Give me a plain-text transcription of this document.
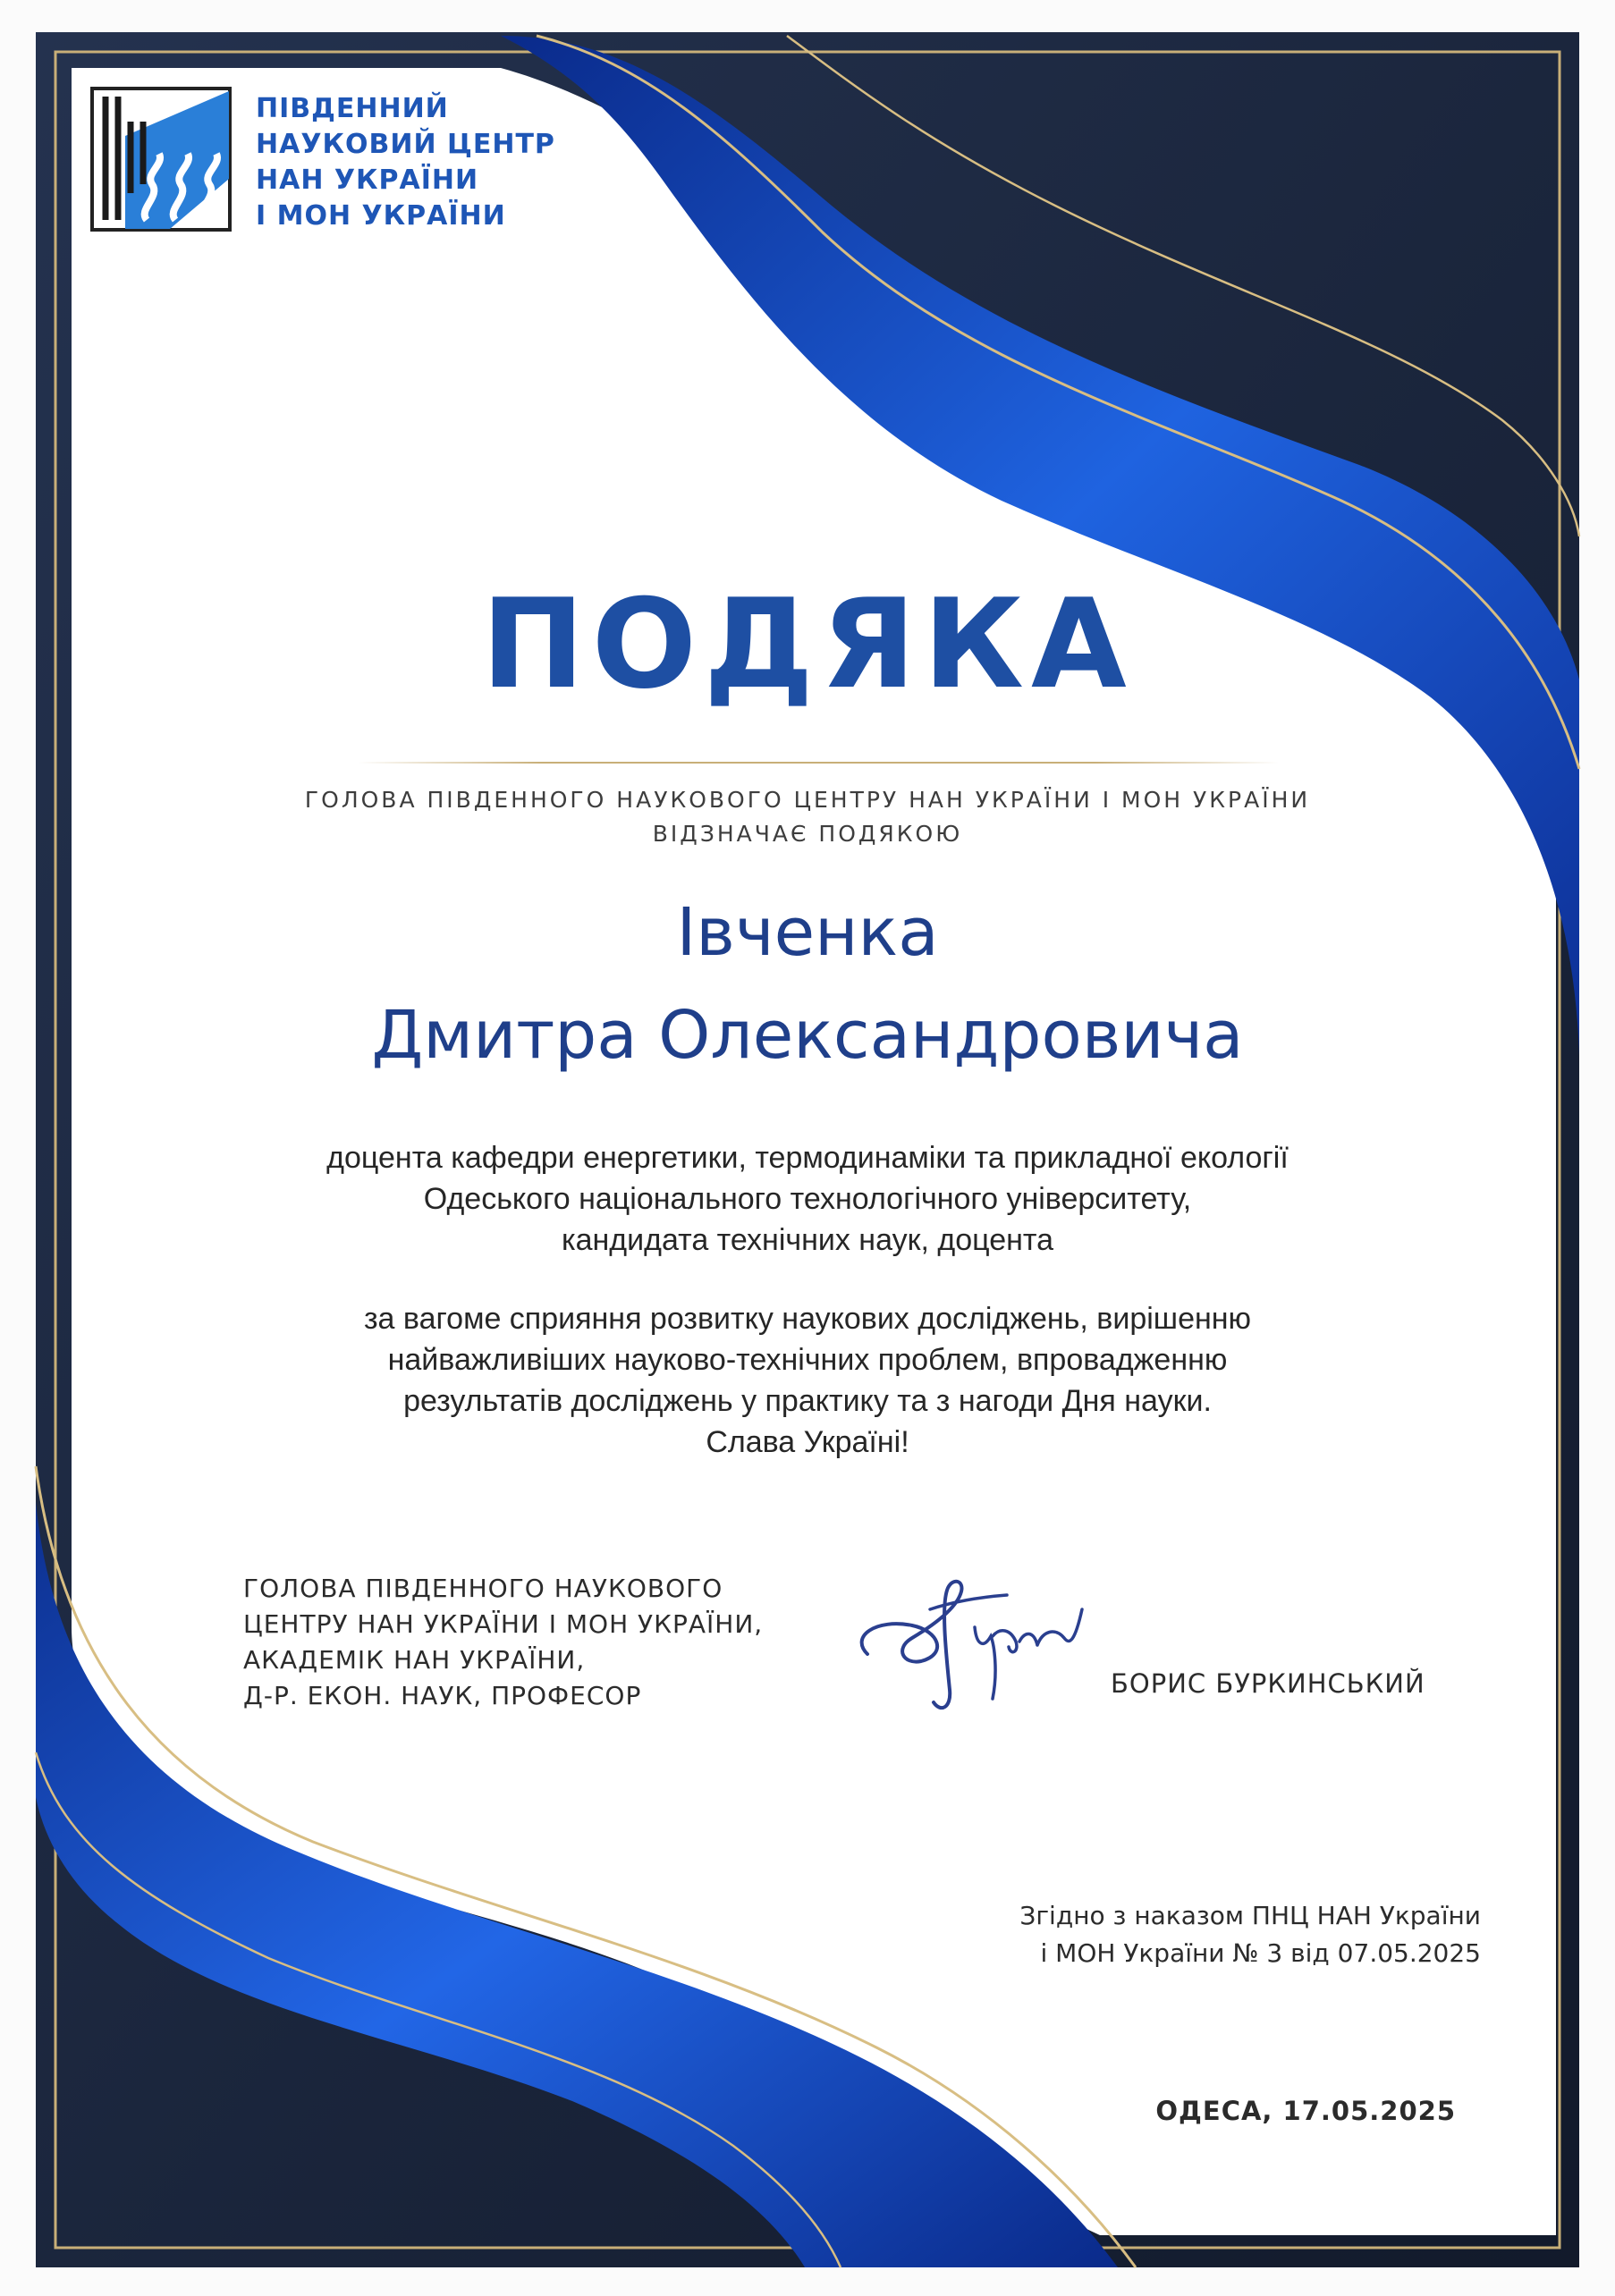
ПІВДЕННИЙ
НАУКОВИЙ ЦЕНТР
НАН УКРАЇНИ
І МОН УКРАЇНИ
ПОДЯКА
ГОЛОВА ПІВДЕННОГО НАУКОВОГО ЦЕНТРУ НАН УКРАЇНИ І МОН УКРАЇНИ
ВІДЗНАЧАЄ ПОДЯКОЮ
Івченка
Дмитра Олександровича
доцента кафедри енергетики, термодинаміки та прикладної екології
Одеського національного технологічного університету,
кандидата технічних наук, доцента
за вагоме сприяння розвитку наукових досліджень, вирішенню
найважливіших науково-технічних проблем, впровадженню
результатів досліджень у практику та з нагоди Дня науки.
Слава Україні!
ГОЛОВА ПІВДЕННОГО НАУКОВОГО
ЦЕНТРУ НАН УКРАЇНИ І МОН УКРАЇНИ,
АКАДЕМІК НАН УКРАЇНИ,
Д-Р. ЕКОН. НАУК, ПРОФЕСОР	БОРИС БУРКИНСЬКИЙ
Згідно з наказом ПНЦ НАН України
і МОН України № 3 від 07.05.2025
ОДЕСА, 17.05.2025
